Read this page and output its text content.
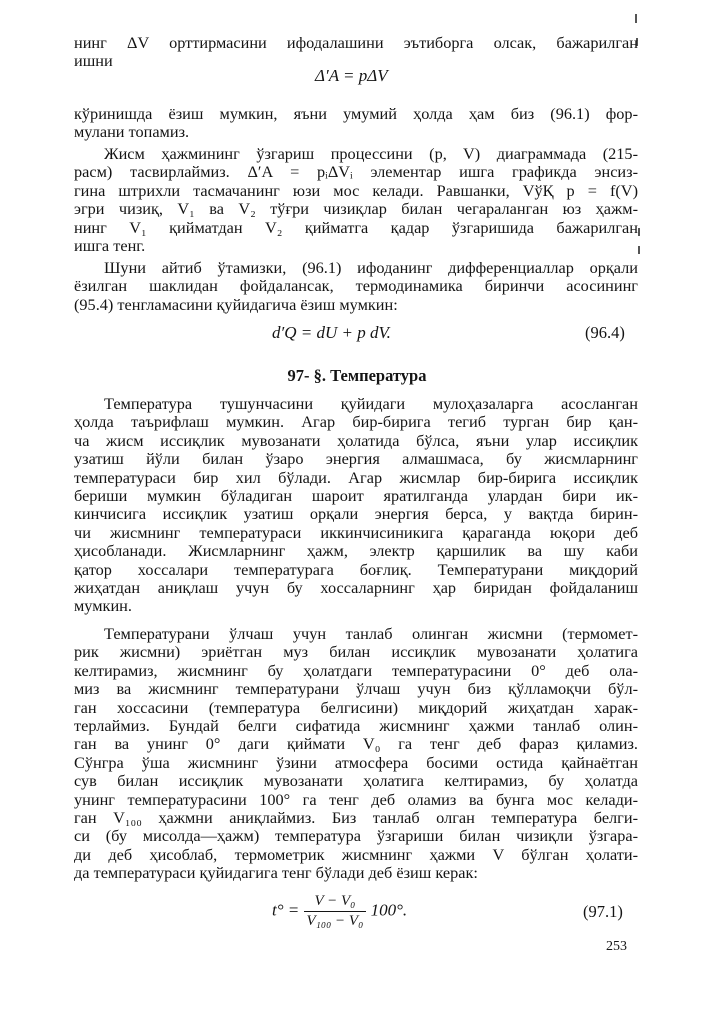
нинг ΔV орттирмасини ифодалашини эътиборга олсак, бажарилган
ишни
Δ′A = pΔV
кўринишда ёзиш мумкин, яъни умумий ҳолда ҳам биз (96.1) фор-
мулани топамиз.
Жисм ҳажмининг ўзгариш процессини (p, V) диаграммада (215-
расм) тасвирлаймиз. Δ′A = pᵢΔVᵢ элементар ишга графикда энсиз-
гина штрихли тасмачанинг юзи мос келади. Равшанки, VўҚ p = f(V)
эгри чизиқ, V₁ ва V₂ тўғри чизиқлар билан чегараланган юз ҳажм-
нинг V₁ қийматдан V₂ қийматга қадар ўзгаришида бажарилган
ишга тенг.
Шуни айтиб ўтамизки, (96.1) ифоданинг дифференциаллар орқали
ёзилган шаклидан фойдалансак, термодинамика биринчи асосининг
(95.4) тенгламасини қуйидагича ёзиш мумкин:
d′Q = dU + p dV.	(96.4)
97- §. Температура
Температура тушунчасини қуйидаги мулоҳазаларга асосланган
ҳолда таърифлаш мумкин. Агар бир-бирига тегиб турган бир қан-
ча жисм иссиқлик мувозанати ҳолатида бўлса, яъни улар иссиқлик
узатиш йўли билан ўзаро энергия алмашмаса, бу жисмларнинг
температураси бир хил бўлади. Агар жисмлар бир-бирига иссиқлик
бериши мумкин бўладиган шароит яратилганда улардан бири ик-
кинчисига иссиқлик узатиш орқали энергия берса, у вақтда бирин-
чи жисмнинг температураси иккинчисиникига қараганда юқори деб
ҳисобланади. Жисмларнинг ҳажм, электр қаршилик ва шу каби
қатор хоссалари температурага боғлиқ. Температурани миқдорий
жиҳатдан аниқлаш учун бу хоссаларнинг ҳар биридан фойдаланиш
мумкин.
Температурани ўлчаш учун танлаб олинган жисмни (термомет-
рик жисмни) эриётган муз билан иссиқлик мувозанати ҳолатига
келтирамиз, жисмнинг бу ҳолатдаги температурасини 0° деб ола-
миз ва жисмнинг температурани ўлчаш учун биз қўлламоқчи бўл-
ган хоссасини (температура белгисини) миқдорий жиҳатдан харак-
терлаймиз. Бундай белги сифатида жисмнинг ҳажми танлаб олин-
ган ва унинг 0° даги қиймати V₀ га тенг деб фараз қиламиз.
Сўнгра ўша жисмнинг ўзини атмосфера босими остида қайнаётган
сув билан иссиқлик мувозанати ҳолатига келтирамиз, бу ҳолатда
унинг температурасини 100° га тенг деб оламиз ва бунга мос келади-
ган V₁₀₀ ҳажмни аниқлаймиз. Биз танлаб олган температура белги-
си (бу мисолда—ҳажм) температура ўзгариши билан чизиқли ўзгара-
ди деб ҳисоблаб, термометрик жисмнинг ҳажми V бўлган ҳолати-
да температураси қуйидагига тенг бўлади деб ёзиш керак:
$t^\circ = \frac{\text{V − V₀}}{\text{V₁₀₀ − V₀}} 100^\circ$.	(97.1)
253
